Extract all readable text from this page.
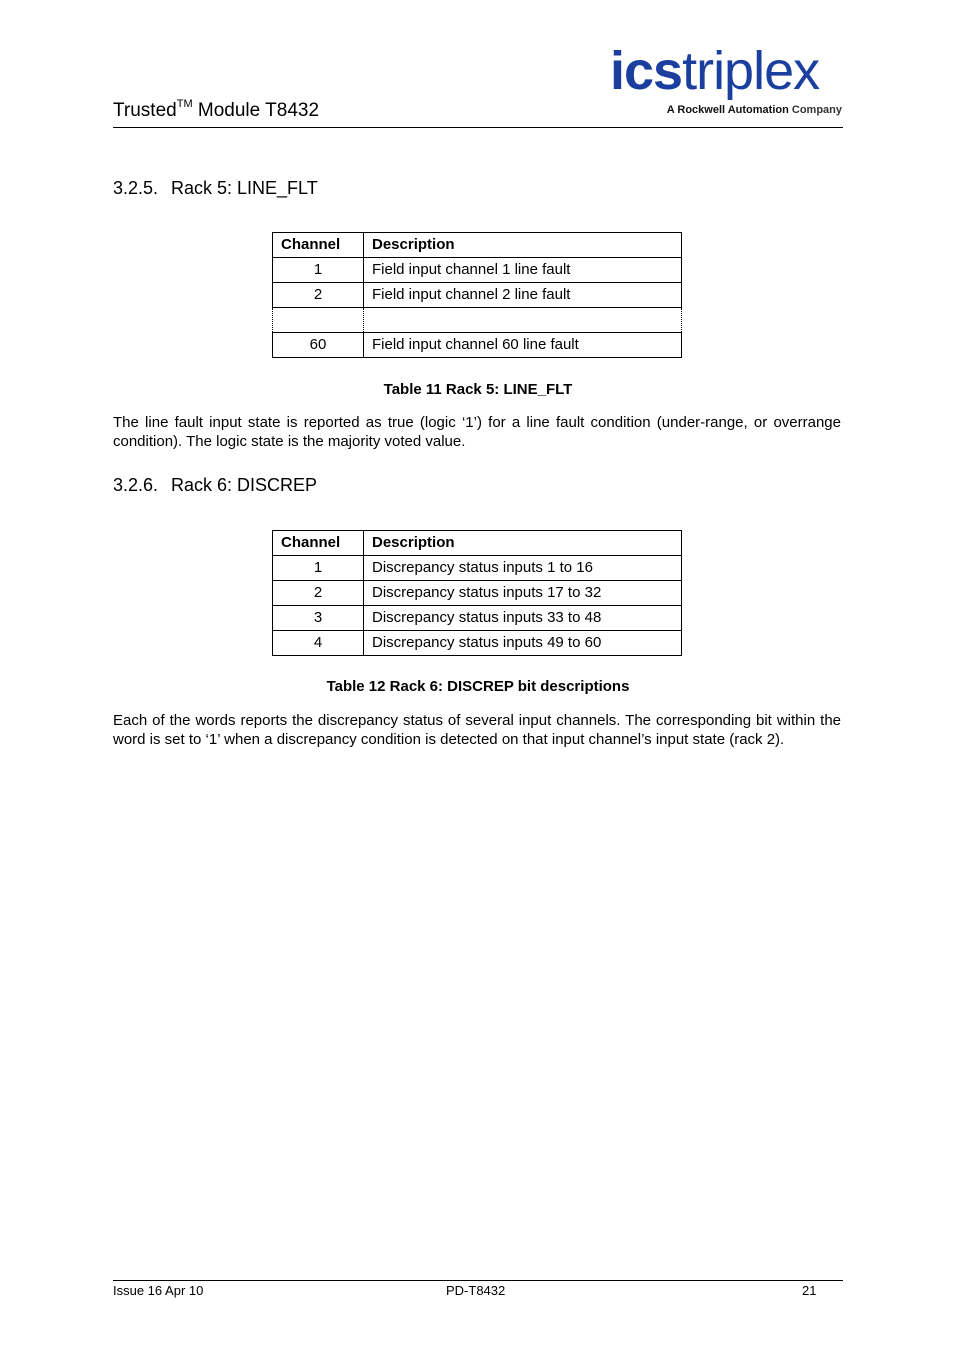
Trusted™ Module T8432
icstriplex
A Rockwell Automation Company
3.2.5. Rack 5: LINE_FLT
Channel	Description
1	Field input channel 1 line fault
2	Field input channel 2 line fault

60	Field input channel 60 line fault
Table 11 Rack 5: LINE_FLT
The line fault input state is reported as true (logic ‘1’) for a line fault condition (under-range, or overrange condition). The logic state is the majority voted value.
3.2.6. Rack 6: DISCREP
Channel	Description
1	Discrepancy status inputs 1 to 16
2	Discrepancy status inputs 17 to 32
3	Discrepancy status inputs 33 to 48
4	Discrepancy status inputs 49 to 60
Table 12 Rack 6: DISCREP bit descriptions
Each of the words reports the discrepancy status of several input channels. The corresponding bit within the word is set to ‘1’ when a discrepancy condition is detected on that input channel’s input state (rack 2).
Issue 16 Apr 10	PD-T8432	21
